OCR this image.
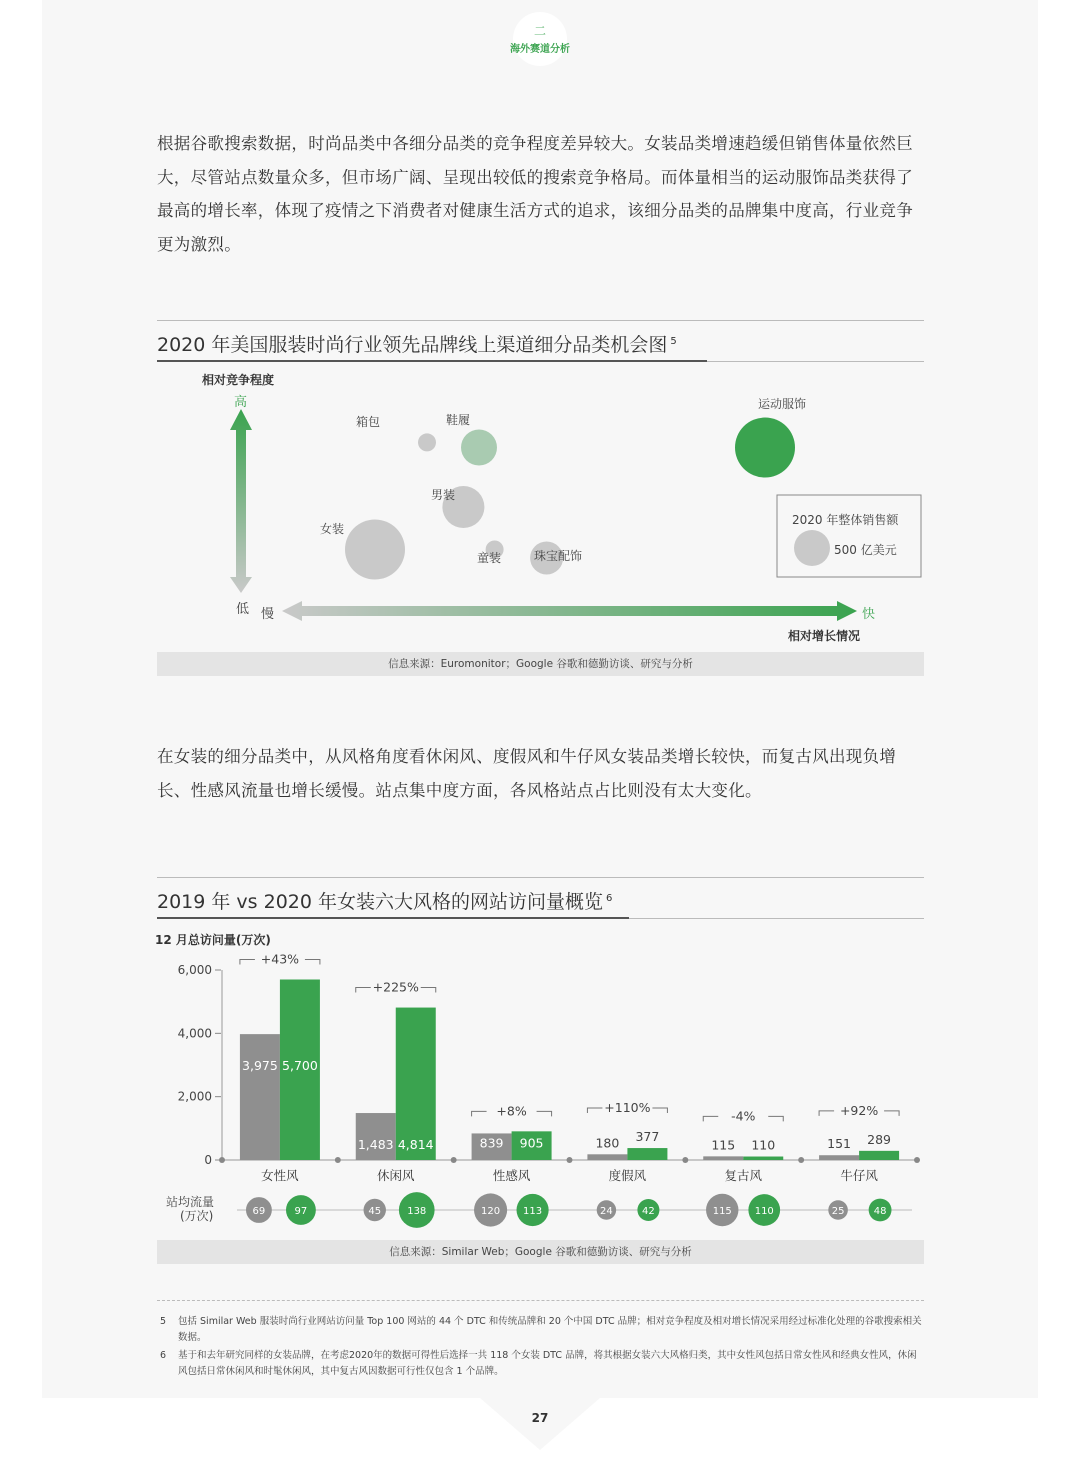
二
海外赛道分析
根据谷歌搜索数据，时尚品类中各细分品类的竞争程度差异较大。女装品类增速趋缓但销售体量依然巨大，尽管站点数量众多，但市场广阔、呈现出较低的搜索竞争格局。而体量相当的运动服饰品类获得了最高的增长率，体现了疫情之下消费者对健康生活方式的追求，该细分品类的品牌集中度高，行业竞争更为激烈。
2020 年美国服装时尚行业领先品牌线上渠道细分品类机会图 $^5$
相对竞争程度
高
低 慢	快
相对增长情况
箱包	鞋履
运动服饰
男装
女装
童装	珠宝配饰
2020 年整体销售额
500 亿美元
信息来源：Euromonitor；Google 谷歌和德勤访谈、研究与分析
在女装的细分品类中，从风格角度看休闲风、度假风和牛仔风女装品类增长较快，而复古风出现负增长、性感风流量也增长缓慢。站点集中度方面，各风格站点占比则没有太大变化。
2019 年 vs 2020 年女装六大风格的网站访问量概览 $^6$
12 月总访问量(万次)
6,000
4,000
2,000
0
3,975 5,700
+43%
女性风
69	97
1,483 4,814
+225%
休闲风
45	138
839 905
+8%
性感风
120 113
180 377
+110%
度假风
24	42
115 110
-4%
复古风
115 110
151 289
+92%
牛仔风
25	48
站均流量
(万次)
信息来源：Similar Web；Google 谷歌和德勤访谈、研究与分析
5 包括 Similar Web 服装时尚行业网站访问量 Top 100 网站的 44 个 DTC 和传统品牌和 20 个中国 DTC 品牌；相对竞争程度及相对增长情况采用经过标准化处理的谷歌搜索相关数据。
6 基于和去年研究同样的女装品牌，在考虑2020年的数据可得性后选择一共 118 个女装 DTC 品牌，将其根据女装六大风格归类，其中女性风包括日常女性风和经典女性风，休闲风包括日常休闲风和时髦休闲风，其中复古风因数据可行性仅包含 1 个品牌。
27
